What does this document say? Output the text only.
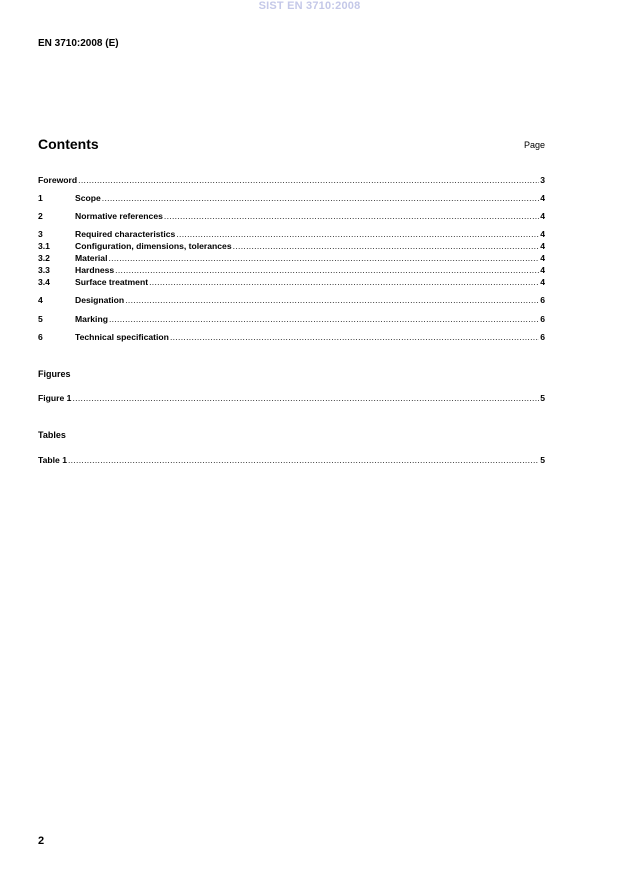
SIST EN 3710:2008
EN 3710:2008 (E)
Contents	Page
Foreword .....	3
1	Scope .....	4
2	Normative references .....	4
3	Required characteristics .....	4
3.1	Configuration, dimensions, tolerances .....	4
3.2	Material .....	4
3.3	Hardness .....	4
3.4	Surface treatment .....	4
4	Designation .....	6
5	Marking .....	6
6	Technical specification .....	6
Figure 1 .....	5
Table 1 .....	5
Figures
Tables
2
